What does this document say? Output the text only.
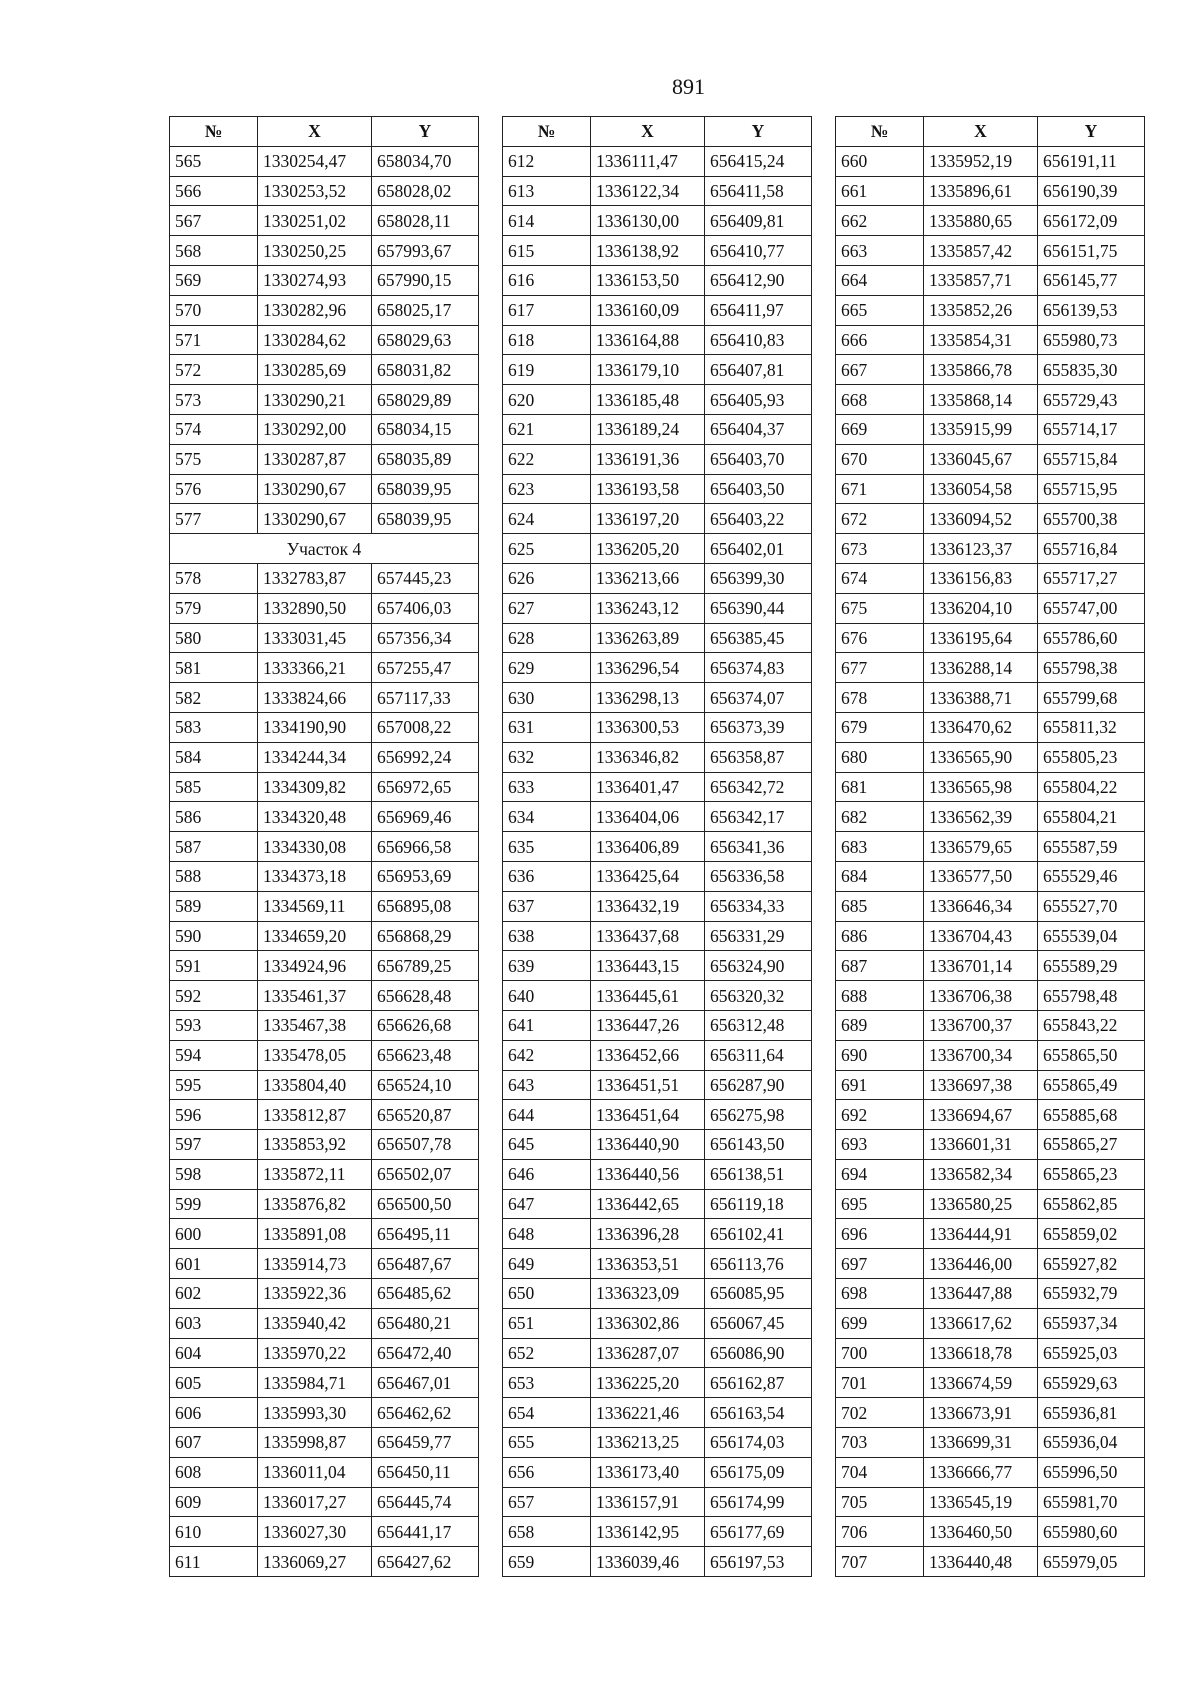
891
№	X	Y
565	1330254,47	658034,70
566	1330253,52	658028,02
567	1330251,02	658028,11
568	1330250,25	657993,67
569	1330274,93	657990,15
570	1330282,96	658025,17
571	1330284,62	658029,63
572	1330285,69	658031,82
573	1330290,21	658029,89
574	1330292,00	658034,15
575	1330287,87	658035,89
576	1330290,67	658039,95
577	1330290,67	658039,95
Участок 4		
578	1332783,87	657445,23
579	1332890,50	657406,03
580	1333031,45	657356,34
581	1333366,21	657255,47
582	1333824,66	657117,33
583	1334190,90	657008,22
584	1334244,34	656992,24
585	1334309,82	656972,65
586	1334320,48	656969,46
587	1334330,08	656966,58
588	1334373,18	656953,69
589	1334569,11	656895,08
590	1334659,20	656868,29
591	1334924,96	656789,25
592	1335461,37	656628,48
593	1335467,38	656626,68
594	1335478,05	656623,48
595	1335804,40	656524,10
596	1335812,87	656520,87
597	1335853,92	656507,78
598	1335872,11	656502,07
599	1335876,82	656500,50
600	1335891,08	656495,11
601	1335914,73	656487,67
602	1335922,36	656485,62
603	1335940,42	656480,21
604	1335970,22	656472,40
605	1335984,71	656467,01
606	1335993,30	656462,62
607	1335998,87	656459,77
608	1336011,04	656450,11
609	1336017,27	656445,74
610	1336027,30	656441,17
611	1336069,27	656427,62
№	X	Y
612	1336111,47	656415,24
613	1336122,34	656411,58
614	1336130,00	656409,81
615	1336138,92	656410,77
616	1336153,50	656412,90
617	1336160,09	656411,97
618	1336164,88	656410,83
619	1336179,10	656407,81
620	1336185,48	656405,93
621	1336189,24	656404,37
622	1336191,36	656403,70
623	1336193,58	656403,50
624	1336197,20	656403,22
625	1336205,20	656402,01
626	1336213,66	656399,30
627	1336243,12	656390,44
628	1336263,89	656385,45
629	1336296,54	656374,83
630	1336298,13	656374,07
631	1336300,53	656373,39
632	1336346,82	656358,87
633	1336401,47	656342,72
634	1336404,06	656342,17
635	1336406,89	656341,36
636	1336425,64	656336,58
637	1336432,19	656334,33
638	1336437,68	656331,29
639	1336443,15	656324,90
640	1336445,61	656320,32
641	1336447,26	656312,48
642	1336452,66	656311,64
643	1336451,51	656287,90
644	1336451,64	656275,98
645	1336440,90	656143,50
646	1336440,56	656138,51
647	1336442,65	656119,18
648	1336396,28	656102,41
649	1336353,51	656113,76
650	1336323,09	656085,95
651	1336302,86	656067,45
652	1336287,07	656086,90
653	1336225,20	656162,87
654	1336221,46	656163,54
655	1336213,25	656174,03
656	1336173,40	656175,09
657	1336157,91	656174,99
658	1336142,95	656177,69
659	1336039,46	656197,53
№	X	Y
660	1335952,19	656191,11
661	1335896,61	656190,39
662	1335880,65	656172,09
663	1335857,42	656151,75
664	1335857,71	656145,77
665	1335852,26	656139,53
666	1335854,31	655980,73
667	1335866,78	655835,30
668	1335868,14	655729,43
669	1335915,99	655714,17
670	1336045,67	655715,84
671	1336054,58	655715,95
672	1336094,52	655700,38
673	1336123,37	655716,84
674	1336156,83	655717,27
675	1336204,10	655747,00
676	1336195,64	655786,60
677	1336288,14	655798,38
678	1336388,71	655799,68
679	1336470,62	655811,32
680	1336565,90	655805,23
681	1336565,98	655804,22
682	1336562,39	655804,21
683	1336579,65	655587,59
684	1336577,50	655529,46
685	1336646,34	655527,70
686	1336704,43	655539,04
687	1336701,14	655589,29
688	1336706,38	655798,48
689	1336700,37	655843,22
690	1336700,34	655865,50
691	1336697,38	655865,49
692	1336694,67	655885,68
693	1336601,31	655865,27
694	1336582,34	655865,23
695	1336580,25	655862,85
696	1336444,91	655859,02
697	1336446,00	655927,82
698	1336447,88	655932,79
699	1336617,62	655937,34
700	1336618,78	655925,03
701	1336674,59	655929,63
702	1336673,91	655936,81
703	1336699,31	655936,04
704	1336666,77	655996,50
705	1336545,19	655981,70
706	1336460,50	655980,60
707	1336440,48	655979,05
